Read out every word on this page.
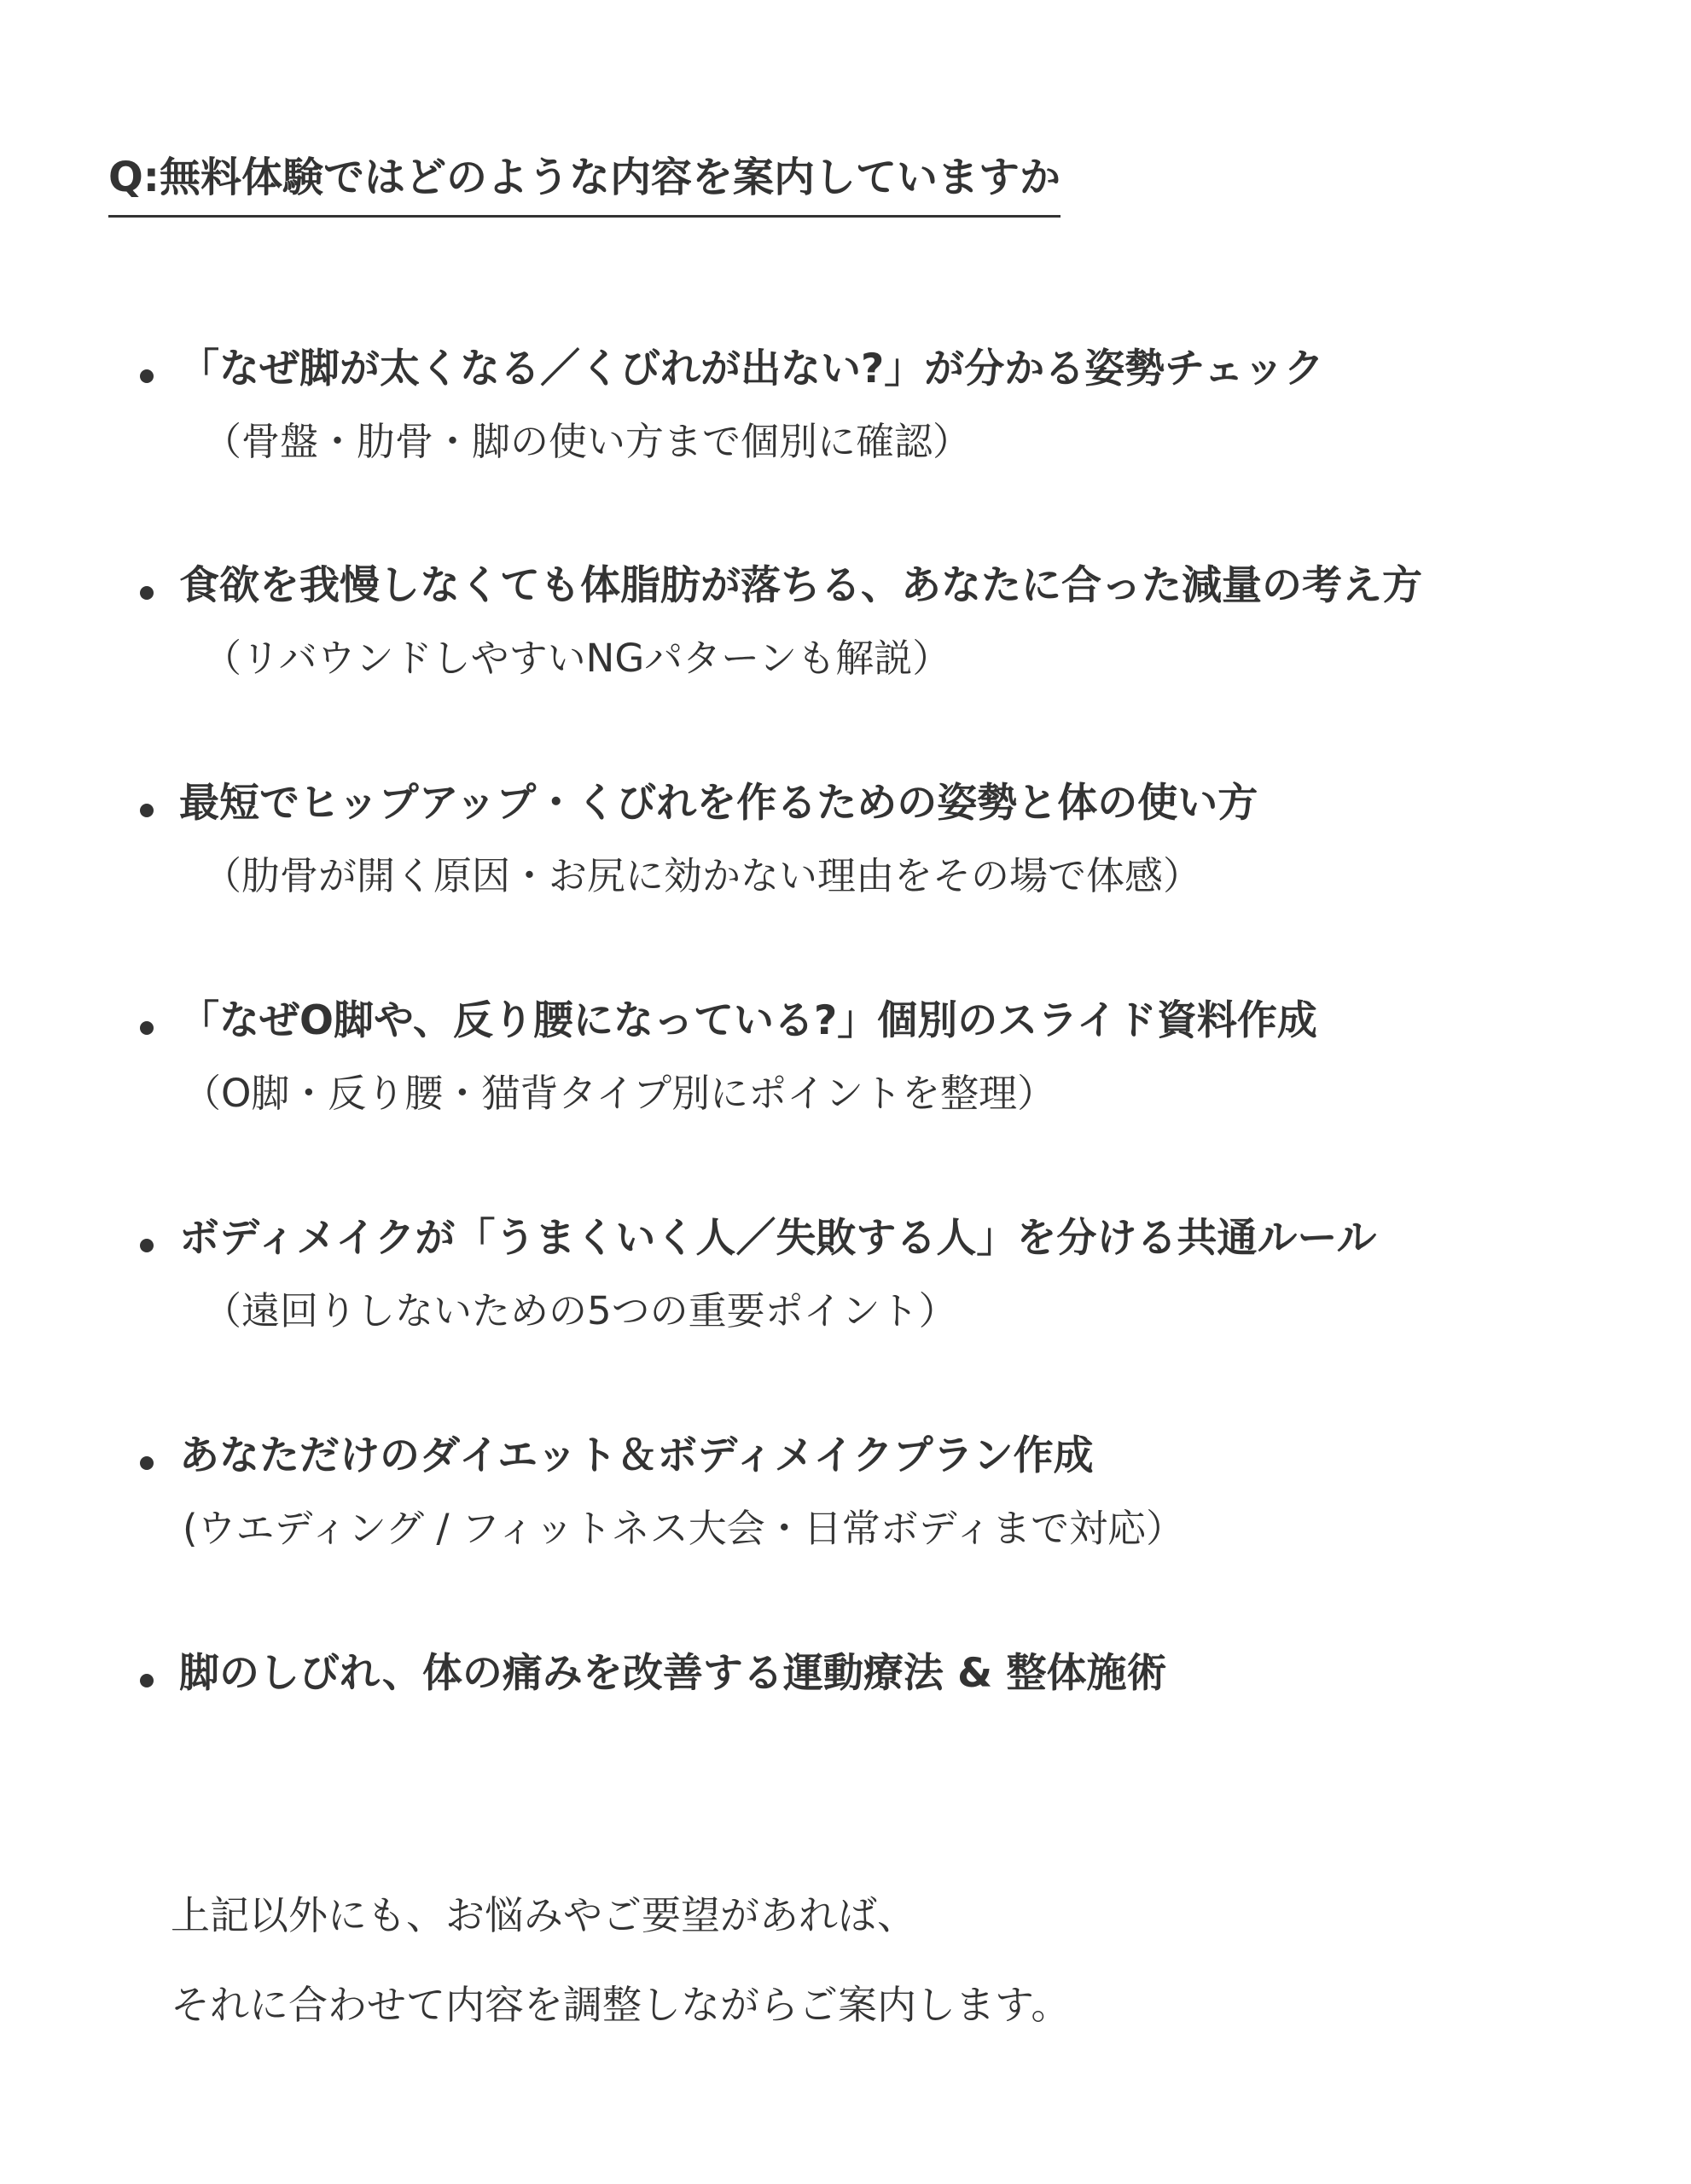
Q:無料体験ではどのような内容を案内していますか
「なぜ脚が太くなる／くびれが出ない?」が分かる姿勢チェック
（骨盤・肋骨・脚の使い方まで個別に確認）
食欲を我慢しなくても体脂肪が落ちる、あなたに合った減量の考え方
（リバウンドしやすいNGパターンも解説）
最短でヒップアップ・くびれを作るための姿勢と体の使い方
（肋骨が開く原因・お尻に効かない理由をその場で体感）
「なぜO脚や、反り腰になっている?」個別のスライド資料作成
（O脚・反り腰・猫背タイプ別にポイントを整理）
ボディメイクが「うまくいく人／失敗する人」を分ける共通ルール
（遠回りしないための5つの重要ポイント）
あなただけのダイエット＆ボディメイクプラン作成
(ウエディング / フィットネス大会・日常ボディまで対応）
脚のしびれ、体の痛みを改善する運動療法 & 整体施術

上記以外にも、お悩みやご要望があれば、

それに合わせて内容を調整しながらご案内します。
